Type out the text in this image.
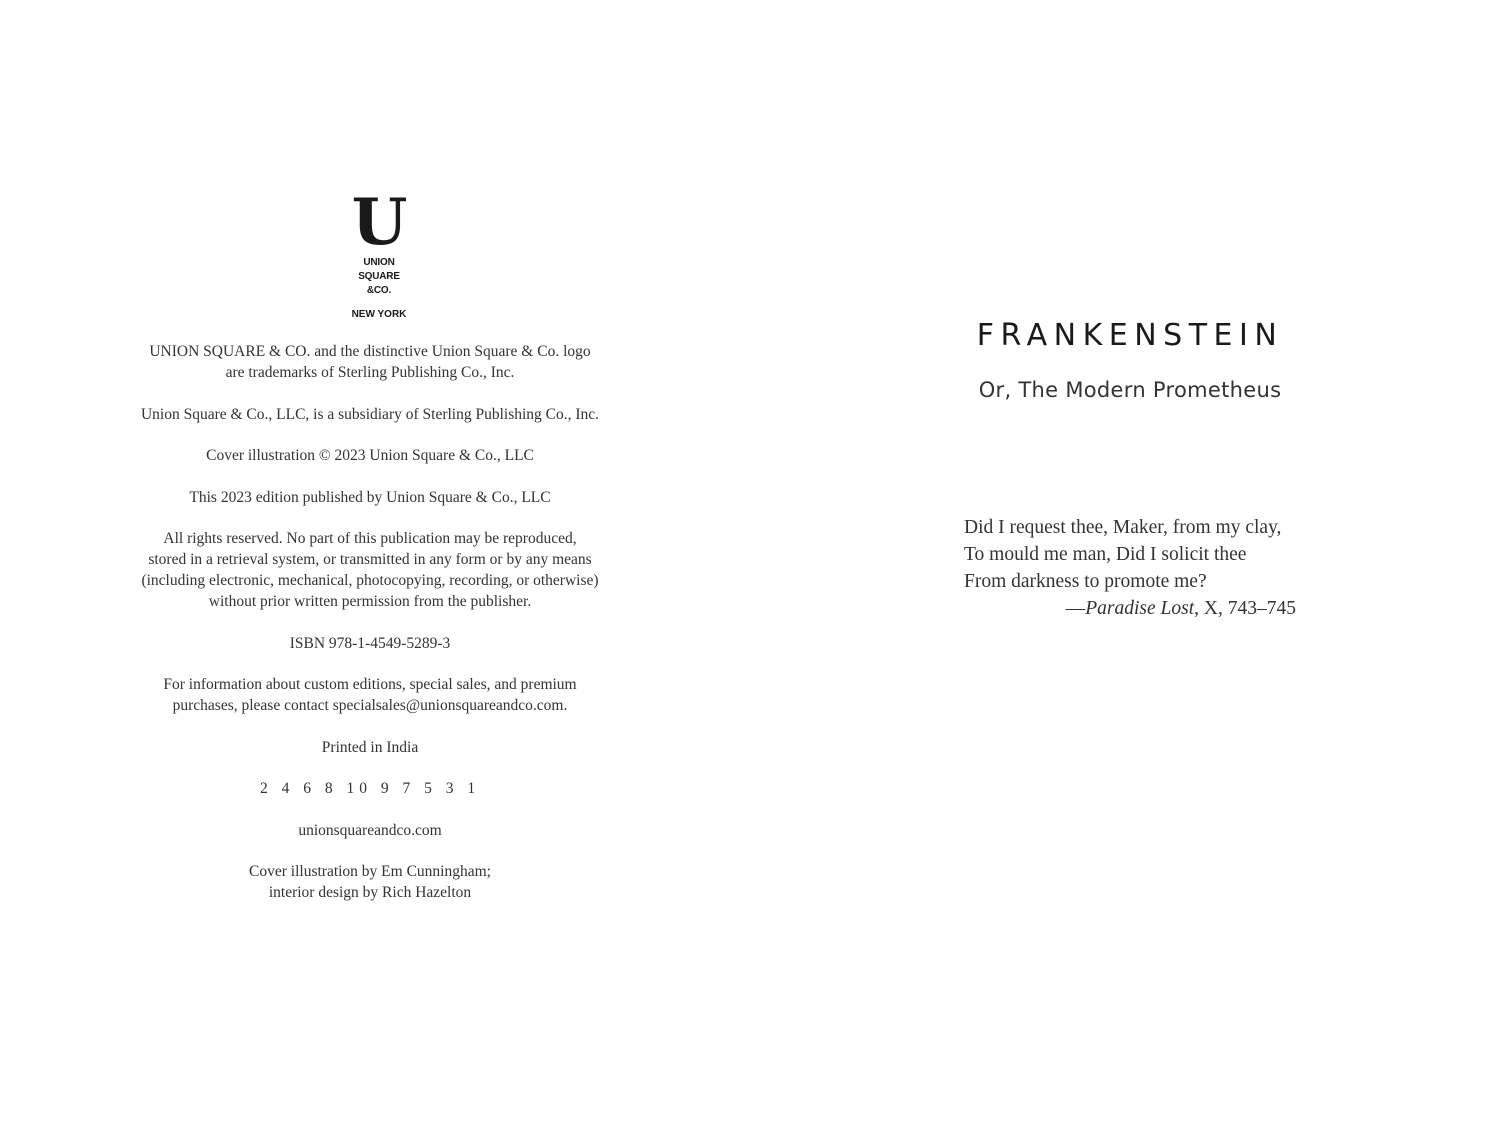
U
UNION
SQUARE
&CO.
NEW YORK

UNION SQUARE & CO. and the distinctive Union Square & Co. logo
are trademarks of Sterling Publishing Co., Inc.

Union Square & Co., LLC, is a subsidiary of Sterling Publishing Co., Inc.

Cover illustration © 2023 Union Square & Co., LLC

This 2023 edition published by Union Square & Co., LLC

All rights reserved. No part of this publication may be reproduced,
stored in a retrieval system, or transmitted in any form or by any means
(including electronic, mechanical, photocopying, recording, or otherwise)
without prior written permission from the publisher.

ISBN 978-1-4549-5289-3

For information about custom editions, special sales, and premium
purchases, please contact specialsales@unionsquareandco.com.

Printed in India

2 4 6 8 10 9 7 5 3 1

unionsquareandco.com

Cover illustration by Em Cunningham;
interior design by Rich Hazelton

FRANKENSTEIN
Or, The Modern Prometheus
Did I request thee, Maker, from my clay,
To mould me man, Did I solicit thee
From darkness to promote me?
—Paradise Lost, X, 743–745
